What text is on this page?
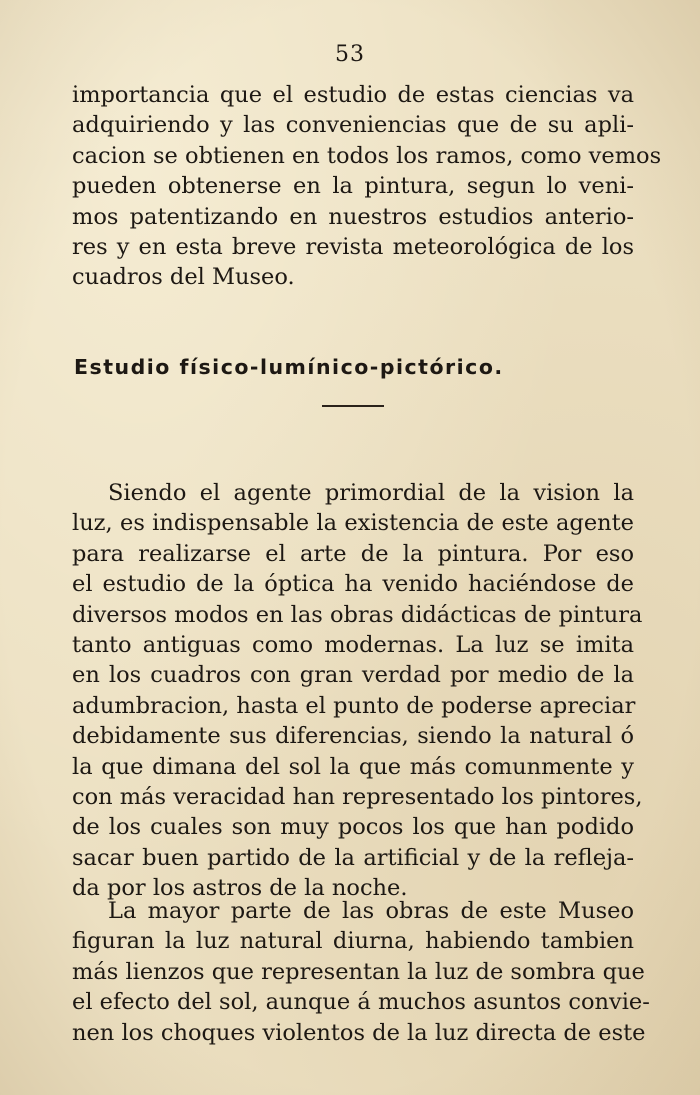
53
importancia que el estudio de estas ciencias va
adquiriendo y las conveniencias que de su apli-
cacion se obtienen en todos los ramos, como vemos
pueden obtenerse en la pintura, segun lo veni-
mos patentizando en nuestros estudios anterio-
res y en esta breve revista meteorológica de los
cuadros del Museo.
Estudio físico-lumínico-pictórico.
Siendo el agente primordial de la vision la
luz, es indispensable la existencia de este agente
para realizarse el arte de la pintura. Por eso
el estudio de la óptica ha venido haciéndose de
diversos modos en las obras didácticas de pintura
tanto antiguas como modernas. La luz se imita
en los cuadros con gran verdad por medio de la
adumbracion, hasta el punto de poderse apreciar
debidamente sus diferencias, siendo la natural ó
la que dimana del sol la que más comunmente y
con más veracidad han representado los pintores,
de los cuales son muy pocos los que han podido
sacar buen partido de la artificial y de la refleja-
da por los astros de la noche.
La mayor parte de las obras de este Museo
figuran la luz natural diurna, habiendo tambien
más lienzos que representan la luz de sombra que
el efecto del sol, aunque á muchos asuntos convie-
nen los choques violentos de la luz directa de este
